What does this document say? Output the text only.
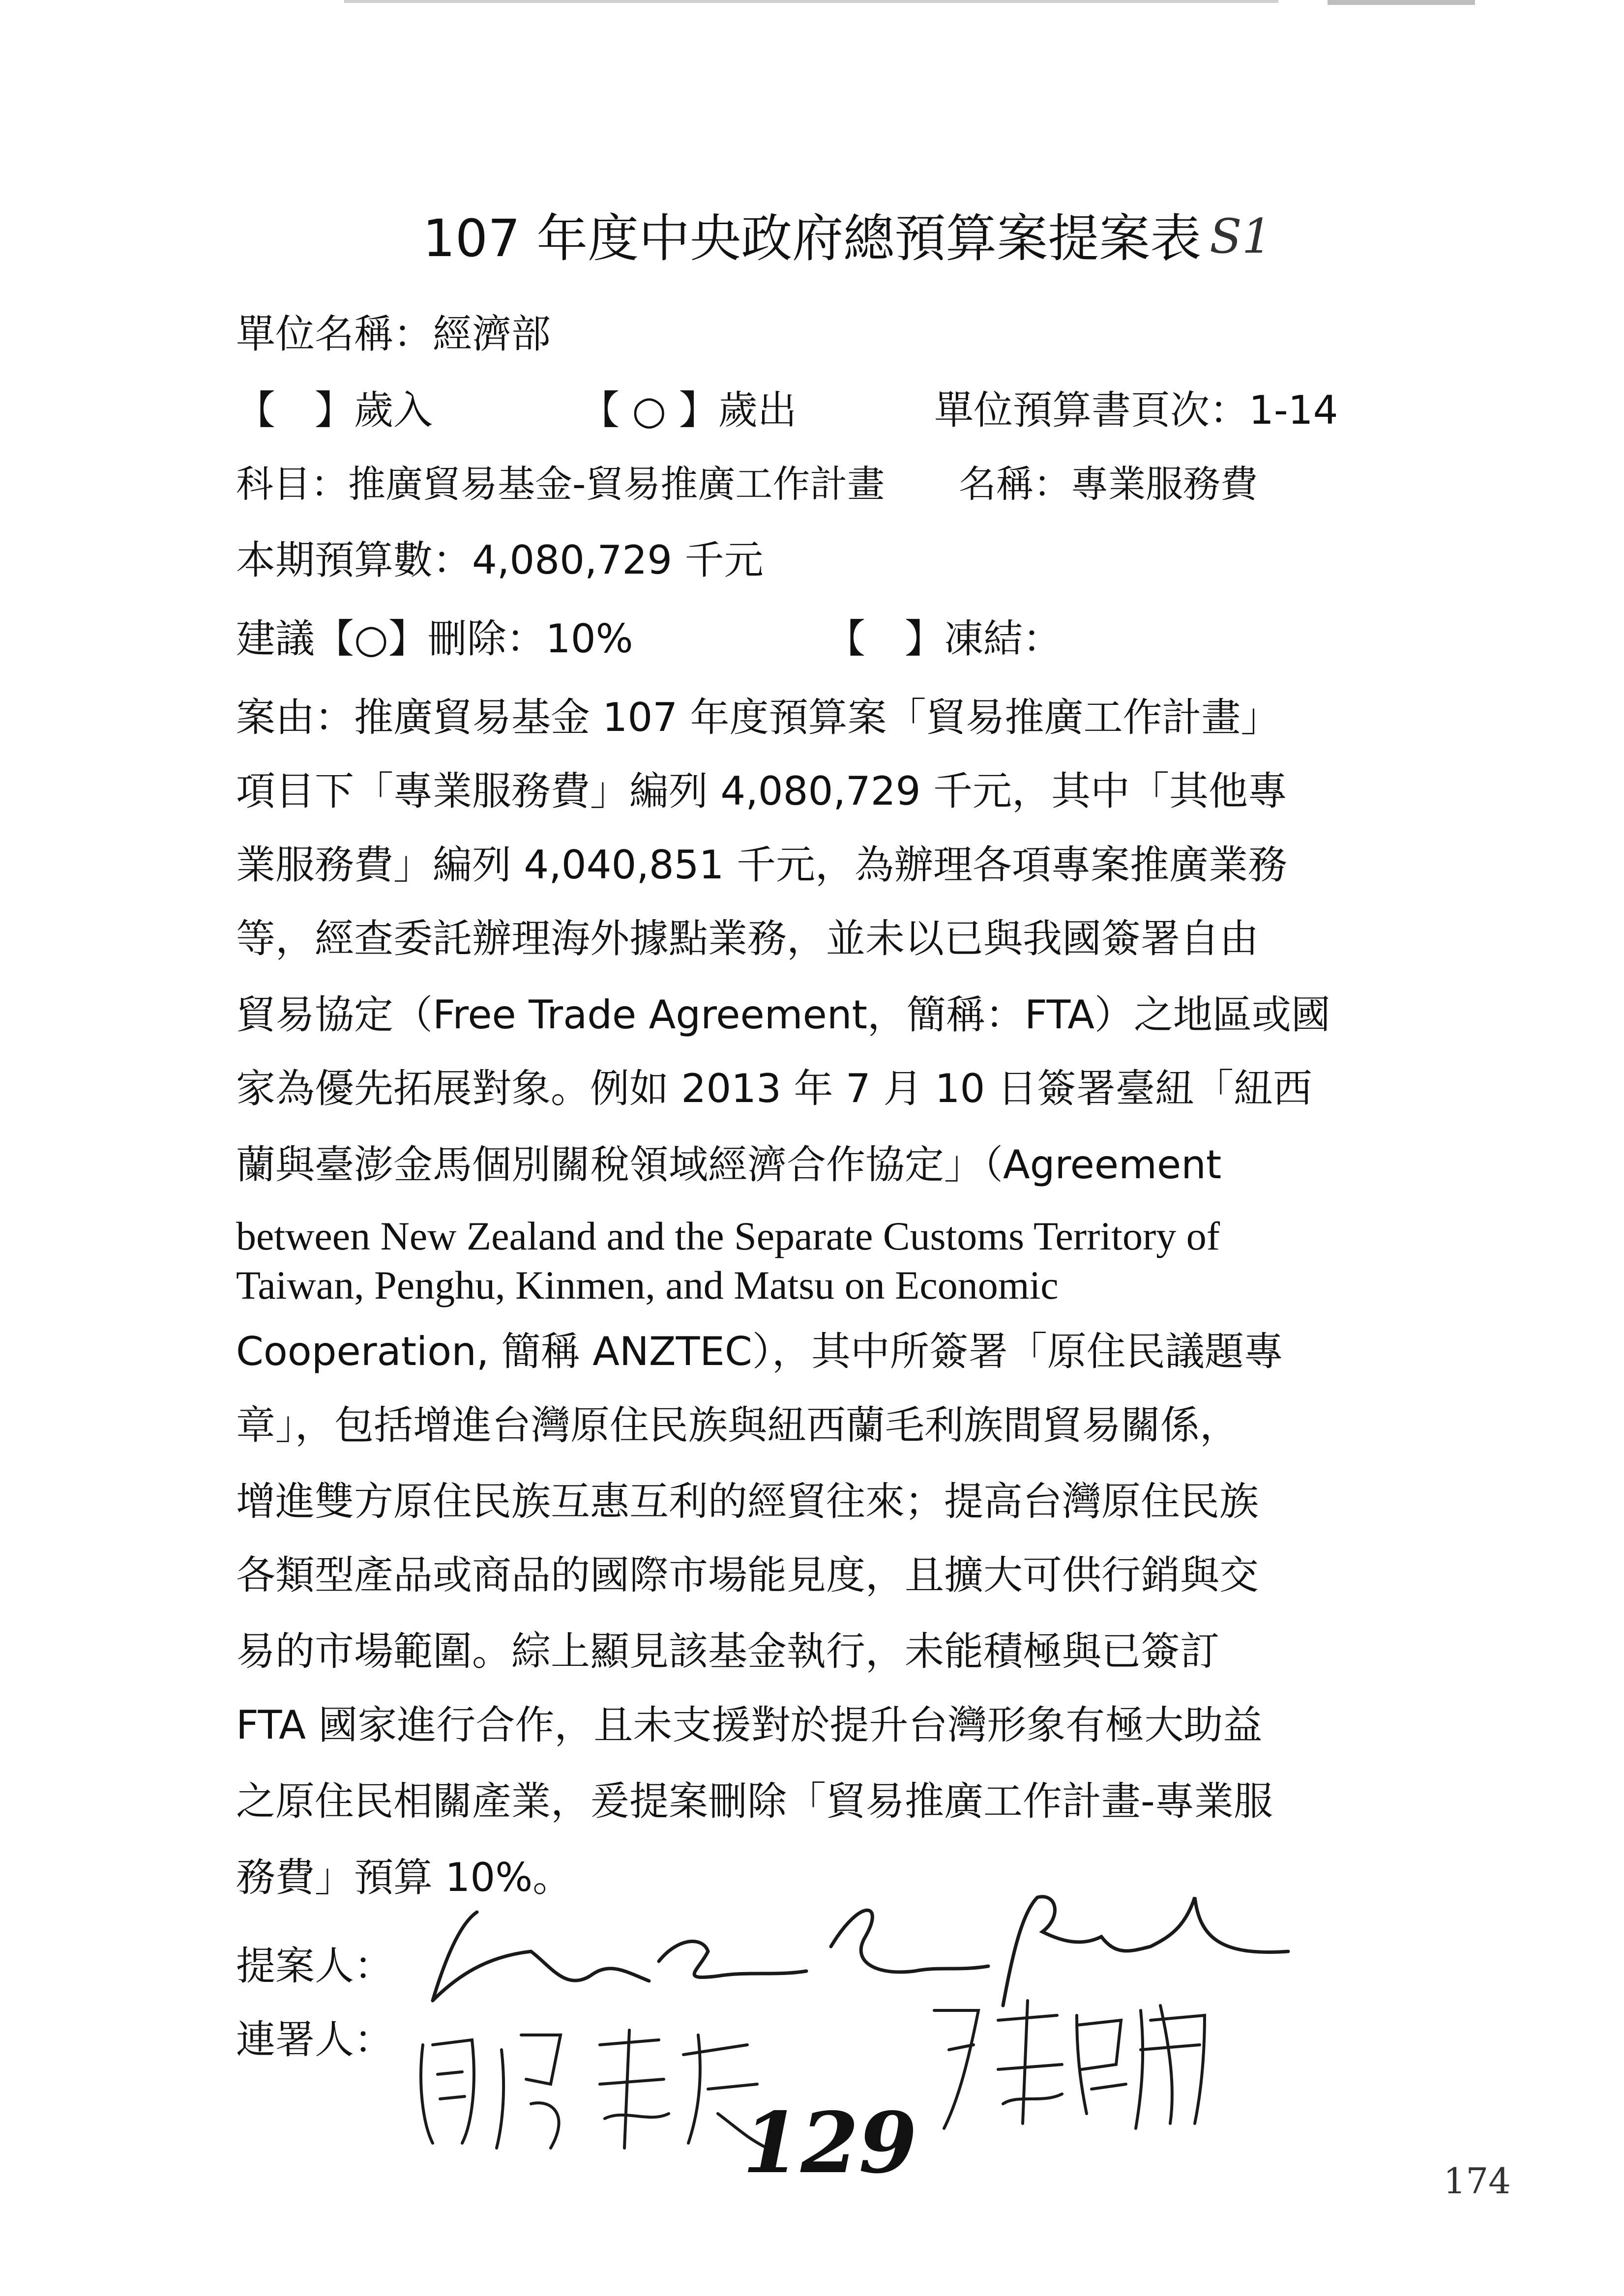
107 年度中央政府總預算案提案表 S1
單位名稱：經濟部
【　】歲入	【 ○ 】歲出	單位預算書頁次：1-14
科目：推廣貿易基金-貿易推廣工作計畫 名稱：專業服務費
本期預算數：4,080,729 千元
建議【○】刪除：10%	【　】凍結：
案由：推廣貿易基金 107 年度預算案「貿易推廣工作計畫」
項目下「專業服務費」編列 4,080,729 千元，其中「其他專
業服務費」編列 4,040,851 千元，為辦理各項專案推廣業務
等，經查委託辦理海外據點業務，並未以已與我國簽署自由
貿易協定（Free Trade Agreement，簡稱：FTA）之地區或國
家為優先拓展對象。例如 2013 年 7 月 10 日簽署臺紐「紐西
蘭與臺澎金馬個別關稅領域經濟合作協定」（Agreement
between New Zealand and the Separate Customs Territory of
Taiwan, Penghu, Kinmen, and Matsu on Economic
Cooperation, 簡稱 ANZTEC），其中所簽署「原住民議題專
章」，包括增進台灣原住民族與紐西蘭毛利族間貿易關係，
增進雙方原住民族互惠互利的經貿往來；提高台灣原住民族
各類型產品或商品的國際市場能見度，且擴大可供行銷與交
易的市場範圍。綜上顯見該基金執行，未能積極與已簽訂
FTA 國家進行合作，且未支援對於提升台灣形象有極大助益
之原住民相關產業，爰提案刪除「貿易推廣工作計畫-專業服
務費」預算 10%。
提案人：
連署人：
129	174
